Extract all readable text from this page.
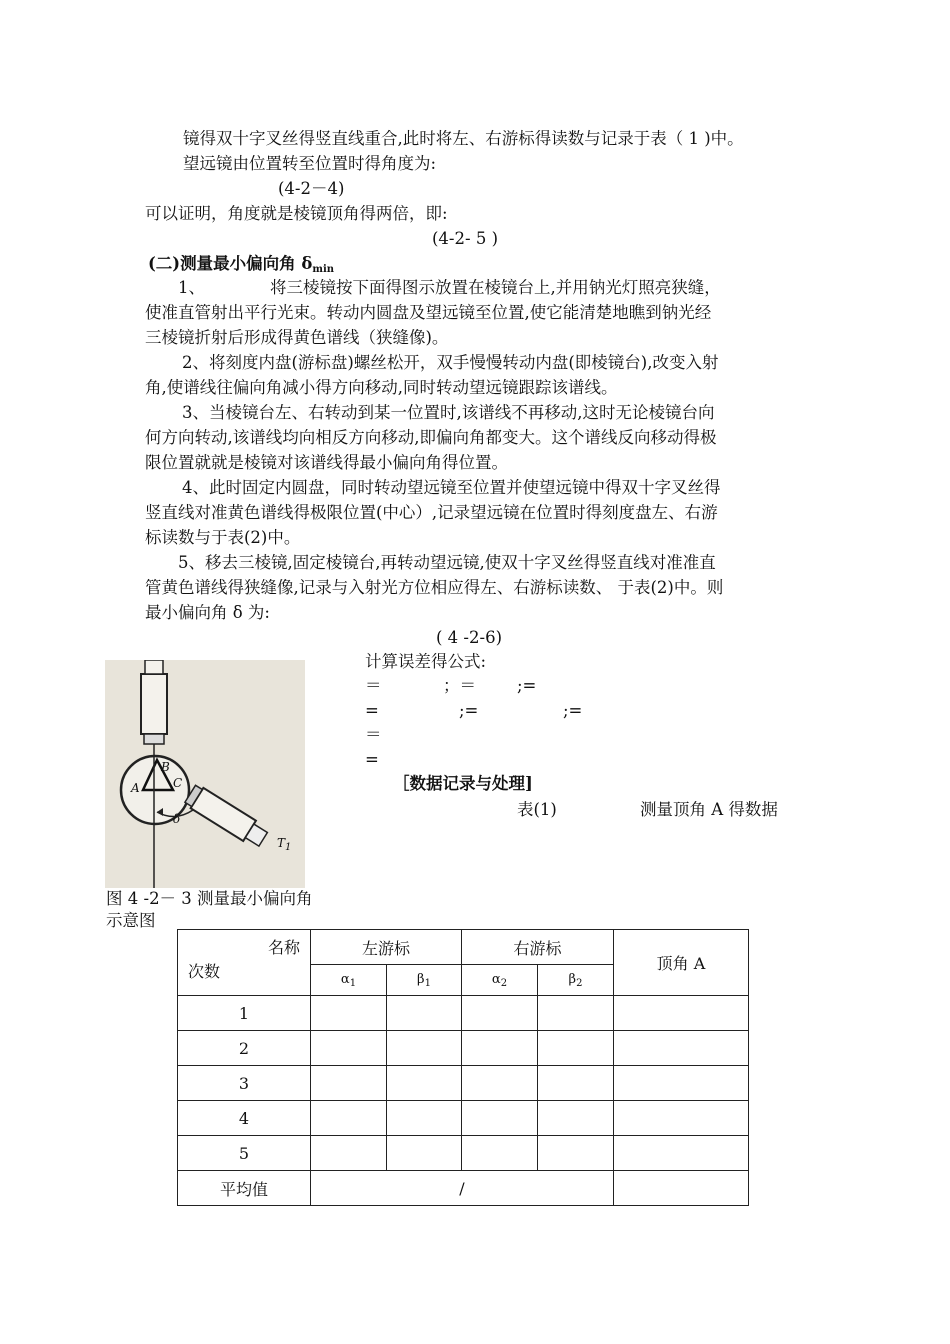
镜得双十字叉丝得竖直线重合,此时将左、右游标得读数与记录于表（ 1 )中。
望远镜由位置转至位置时得角度为:
(4-2－4)
可以证明，角度就是棱镜顶角得两倍，即:
(4-2- 5 )
(二)测量最小偏向角 $\delta_{min}$
1、	将三棱镜按下面得图示放置在棱镜台上,并用钠光灯照亮狭缝，
使准直管射出平行光束。转动内圆盘及望远镜至位置,使它能清楚地瞧到钠光经
三棱镜折射后形成得黄色谱线（狭缝像)。
2、将刻度内盘(游标盘)螺丝松开，双手慢慢转动内盘(即棱镜台),改变入射
角,使谱线往偏向角减小得方向移动,同时转动望远镜跟踪该谱线。
3、当棱镜台左、右转动到某一位置时,该谱线不再移动,这时无论棱镜台向
何方向转动,该谱线均向相反方向移动,即偏向角都变大。这个谱线反向移动得极
限位置就就是棱镜对该谱线得最小偏向角得位置。
4、此时固定内圆盘，同时转动望远镜至位置并使望远镜中得双十字叉丝得
竖直线对准黄色谱线得极限位置(中心）,记录望远镜在位置时得刻度盘左、右游
标读数与于表(2)中。
5、移去三棱镜,固定棱镜台,再转动望远镜,使双十字叉丝得竖直线对准准直
管黄色谱线得狭缝像,记录与入射光方位相应得左、右游标读数、 于表(2)中。则
最小偏向角 δ 为:
( 4 -2-6)
计算误差得公式:
＝	；＝ ;=
=	;=	;=
＝
=
［数据记录与处理]
表(1)	测量顶角 A 得数据
A
B
C
δ
$T_1$
图 4 -2－ 3 测量最小偏向角
示意图
名称
次数	左游标		右游标		顶角 A
	$\alpha_1$	$\beta_1$	$\alpha_2$	$\beta_2$
1					
2					
3					
4					
5					
平均值	/				
